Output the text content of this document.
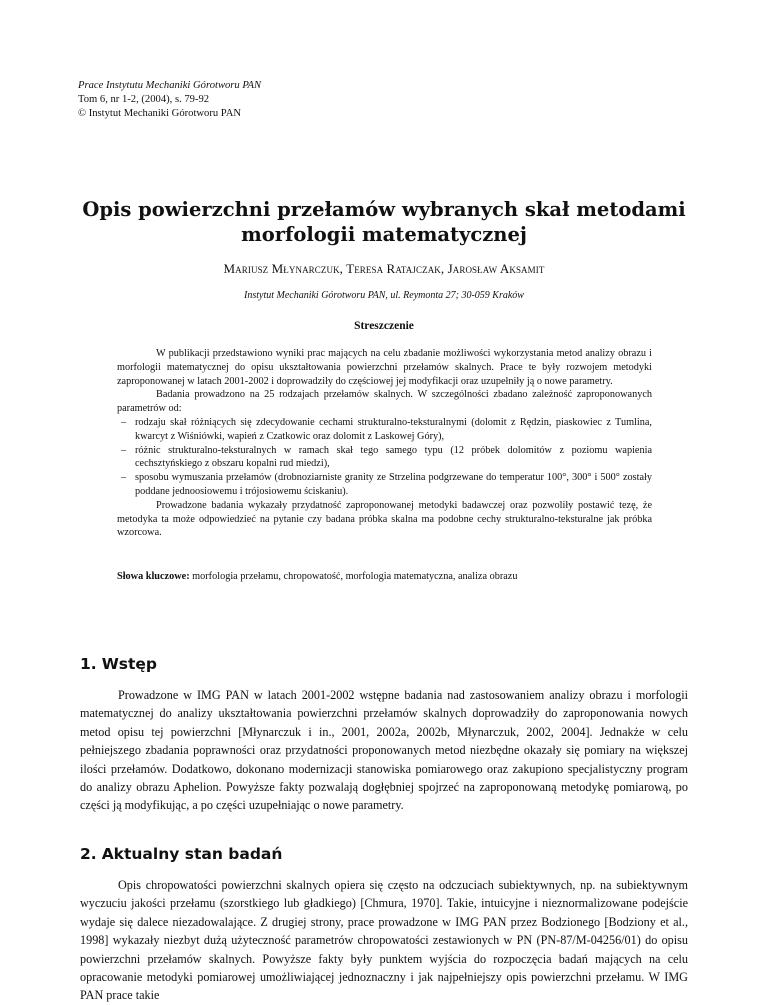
Prace Instytutu Mechaniki Górotworu PAN
Tom 6, nr 1-2, (2004), s. 79-92
© Instytut Mechaniki Górotworu PAN
Opis powierzchni przełamów wybranych skał metodami
morfologii matematycznej
Mariusz Młynarczuk, Teresa Ratajczak, Jarosław Aksamit
Instytut Mechaniki Górotworu PAN, ul. Reymonta 27; 30-059 Kraków
Streszczenie

W publikacji przedstawiono wyniki prac mających na celu zbadanie możliwości wykorzystania metod analizy obrazu i morfologii matematycznej do opisu ukształtowania powierzchni przełamów skalnych. Prace te były rozwojem metodyki zaproponowanej w latach 2001-2002 i doprowadziły do częściowej jej modyfikacji oraz uzupełniły ją o nowe parametry.

Badania prowadzono na 25 rodzajach przełamów skalnych. W szczególności zbadano zależność zaproponowanych parametrów od:

– rodzaju skał różniących się zdecydowanie cechami strukturalno-teksturalnymi (dolomit z Rędzin, piaskowiec z Tumlina, kwarcyt z Wiśniówki, wapień z Czatkowic oraz dolomit z Laskowej Góry),
– różnic strukturalno-teksturalnych w ramach skał tego samego typu (12 próbek dolomitów z poziomu wapienia cechsztyńskiego z obszaru kopalni rud miedzi),
– sposobu wymuszania przełamów (drobnoziarniste granity ze Strzelina podgrzewane do temperatur 100°, 300° i 500° zostały poddane jednoosiowemu i trójosiowemu ściskaniu).

Prowadzone badania wykazały przydatność zaproponowanej metodyki badawczej oraz pozwoliły postawić tezę, że metodyka ta może odpowiedzieć na pytanie czy badana próbka skalna ma podobne cechy strukturalno-teksturalne jak próbka wzorcowa.

Słowa kluczowe: morfologia przełamu, chropowatość, morfologia matematyczna, analiza obrazu
1. Wstęp

Prowadzone w IMG PAN w latach 2001-2002 wstępne badania nad zastosowaniem analizy obrazu i morfologii matematycznej do analizy ukształtowania powierzchni przełamów skalnych doprowadziły do zaproponowania nowych metod opisu tej powierzchni [Młynarczuk i in., 2001, 2002a, 2002b, Młynarczuk, 2002, 2004]. Jednakże w celu pełniejszego zbadania poprawności oraz przydatności proponowanych metod niezbędne okazały się pomiary na większej ilości przełamów. Dodatkowo, dokonano modernizacji stanowiska pomiarowego oraz zakupiono specjalistyczny program do analizy obrazu Aphelion. Powyższe fakty pozwalają dogłębniej spojrzeć na zaproponowaną metodykę pomiarową, po części ją modyfikując, a po części uzupełniając o nowe parametry.

2. Aktualny stan badań

Opis chropowatości powierzchni skalnych opiera się często na odczuciach subiektywnych, np. na subiektywnym wyczuciu jakości przełamu (szorstkiego lub gładkiego) [Chmura, 1970]. Takie, intuicyjne i nieznormalizowane podejście wydaje się dalece niezadowalające. Z drugiej strony, prace prowadzone w IMG PAN przez Bodzionego [Bodziony et al., 1998] wykazały niezbyt dużą użyteczność parametrów chropowatości zestawionych w PN (PN-87/M-04256/01) do opisu powierzchni przełamów skalnych. Powyższe fakty były punktem wyjścia do rozpoczęcia badań mających na celu opracowanie metodyki pomiarowej umożliwiającej jednoznaczny i jak najpełniejszy opis powierzchni przełamu. W IMG PAN prace takie
